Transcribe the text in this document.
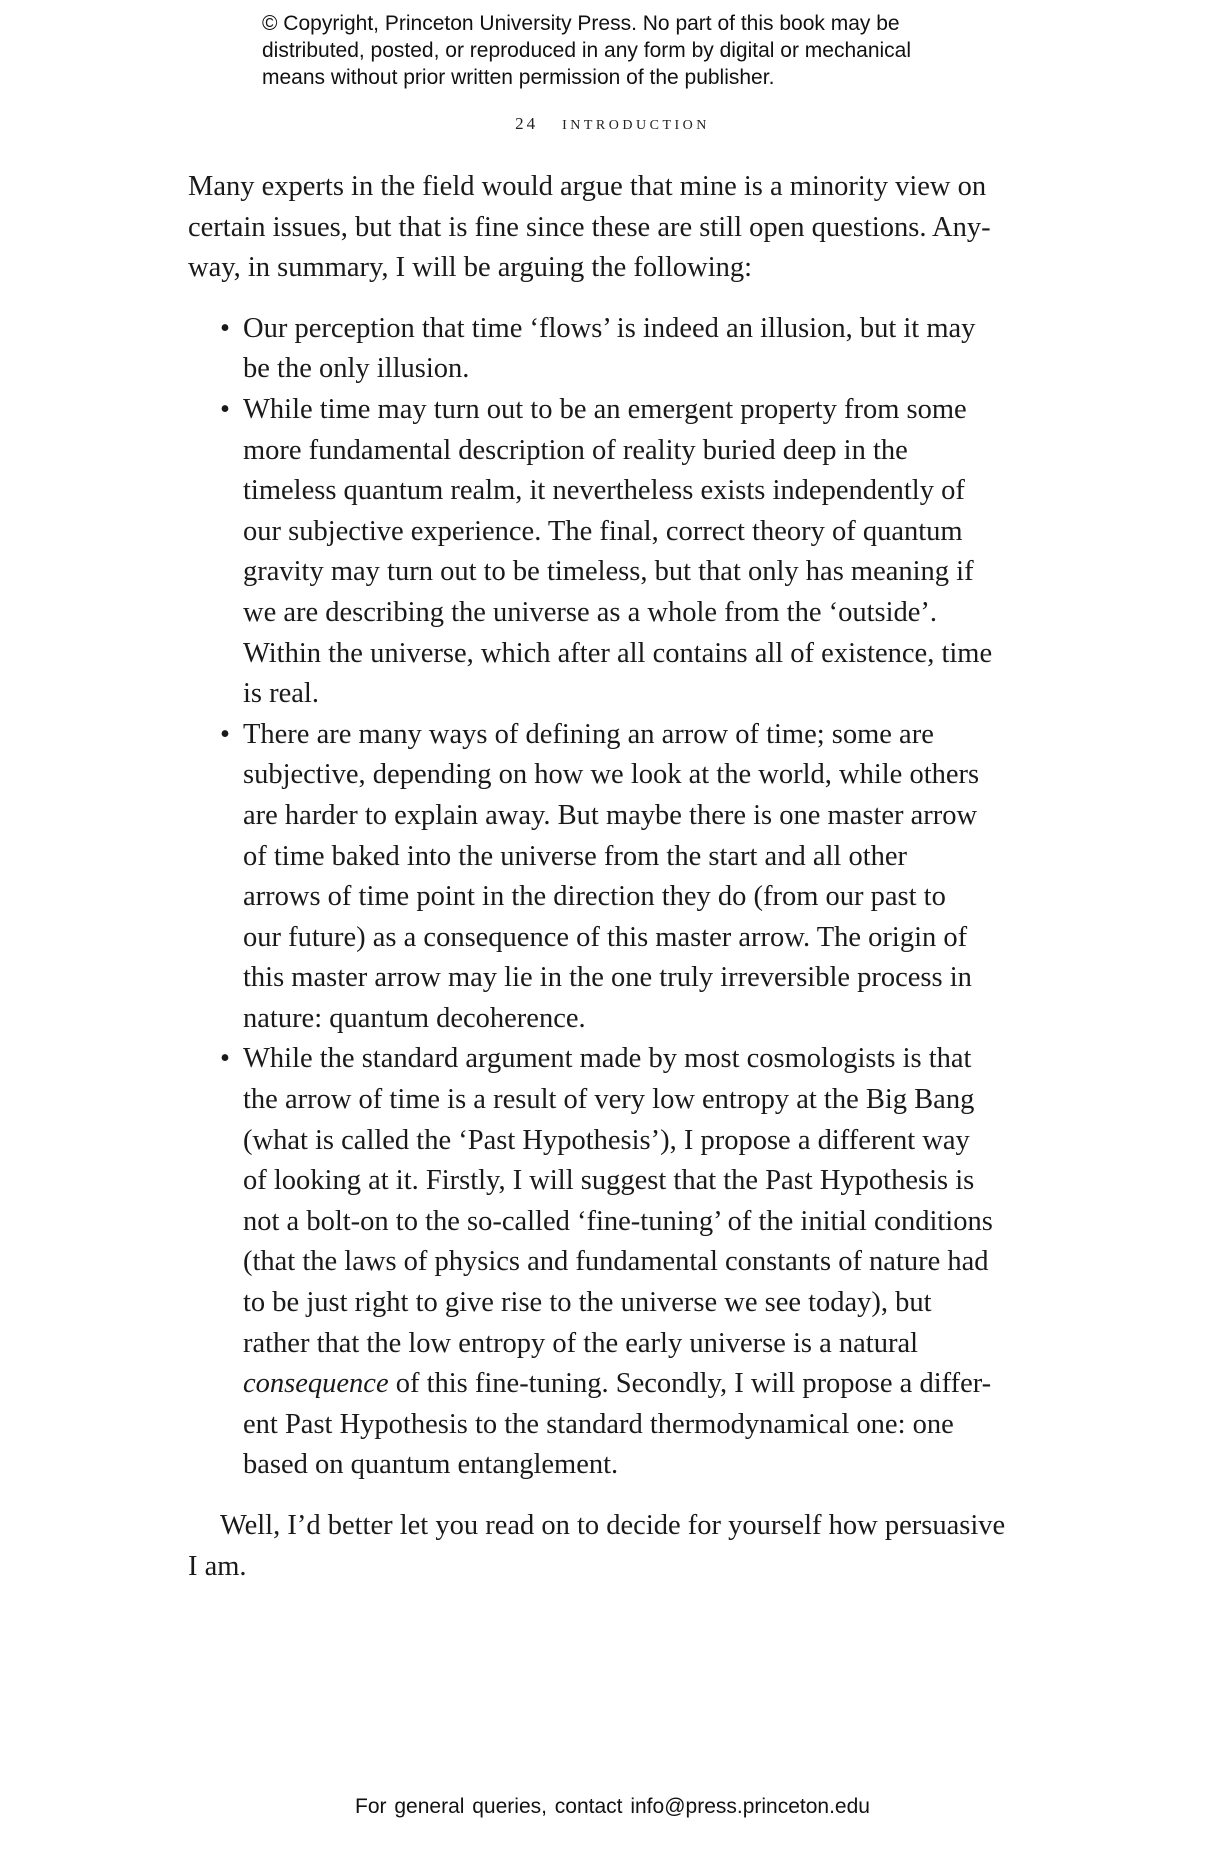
© Copyright, Princeton University Press. No part of this book may be
distributed, posted, or reproduced in any form by digital or mechanical
means without prior written permission of the publisher.
24 introduction
Many experts in the field would argue that mine is a minority view on
certain issues, but that is fine since these are still open questions. Any-
way, in summary, I will be arguing the following:
• Our perception that time ‘flows’ is indeed an illusion, but it may
be the only illusion.
• While time may turn out to be an emergent property from some
more fundamental description of reality buried deep in the
timeless quantum realm, it nevertheless exists independently of
our subjective experience. The final, correct theory of quantum
gravity may turn out to be timeless, but that only has meaning if
we are describing the universe as a whole from the ‘outside’.
Within the universe, which after all contains all of existence, time
is real.
• There are many ways of defining an arrow of time; some are
subjective, depending on how we look at the world, while others
are harder to explain away. But maybe there is one master arrow
of time baked into the universe from the start and all other
arrows of time point in the direction they do (from our past to
our future) as a consequence of this master arrow. The origin of
this master arrow may lie in the one truly irreversible process in
nature: quantum decoherence.
• While the standard argument made by most cosmologists is that
the arrow of time is a result of very low entropy at the Big Bang
(what is called the ‘Past Hypothesis’), I propose a different way
of looking at it. Firstly, I will suggest that the Past Hypothesis is
not a bolt-on to the so-called ‘fine-tuning’ of the initial conditions
(that the laws of physics and fundamental constants of nature had
to be just right to give rise to the universe we see today), but
rather that the low entropy of the early universe is a natural
consequence of this fine-tuning. Secondly, I will propose a differ-
ent Past Hypothesis to the standard thermodynamical one: one
based on quantum entanglement.
Well, I’d better let you read on to decide for yourself how persuasive
I am.
For general queries, contact info@press.princeton.edu
